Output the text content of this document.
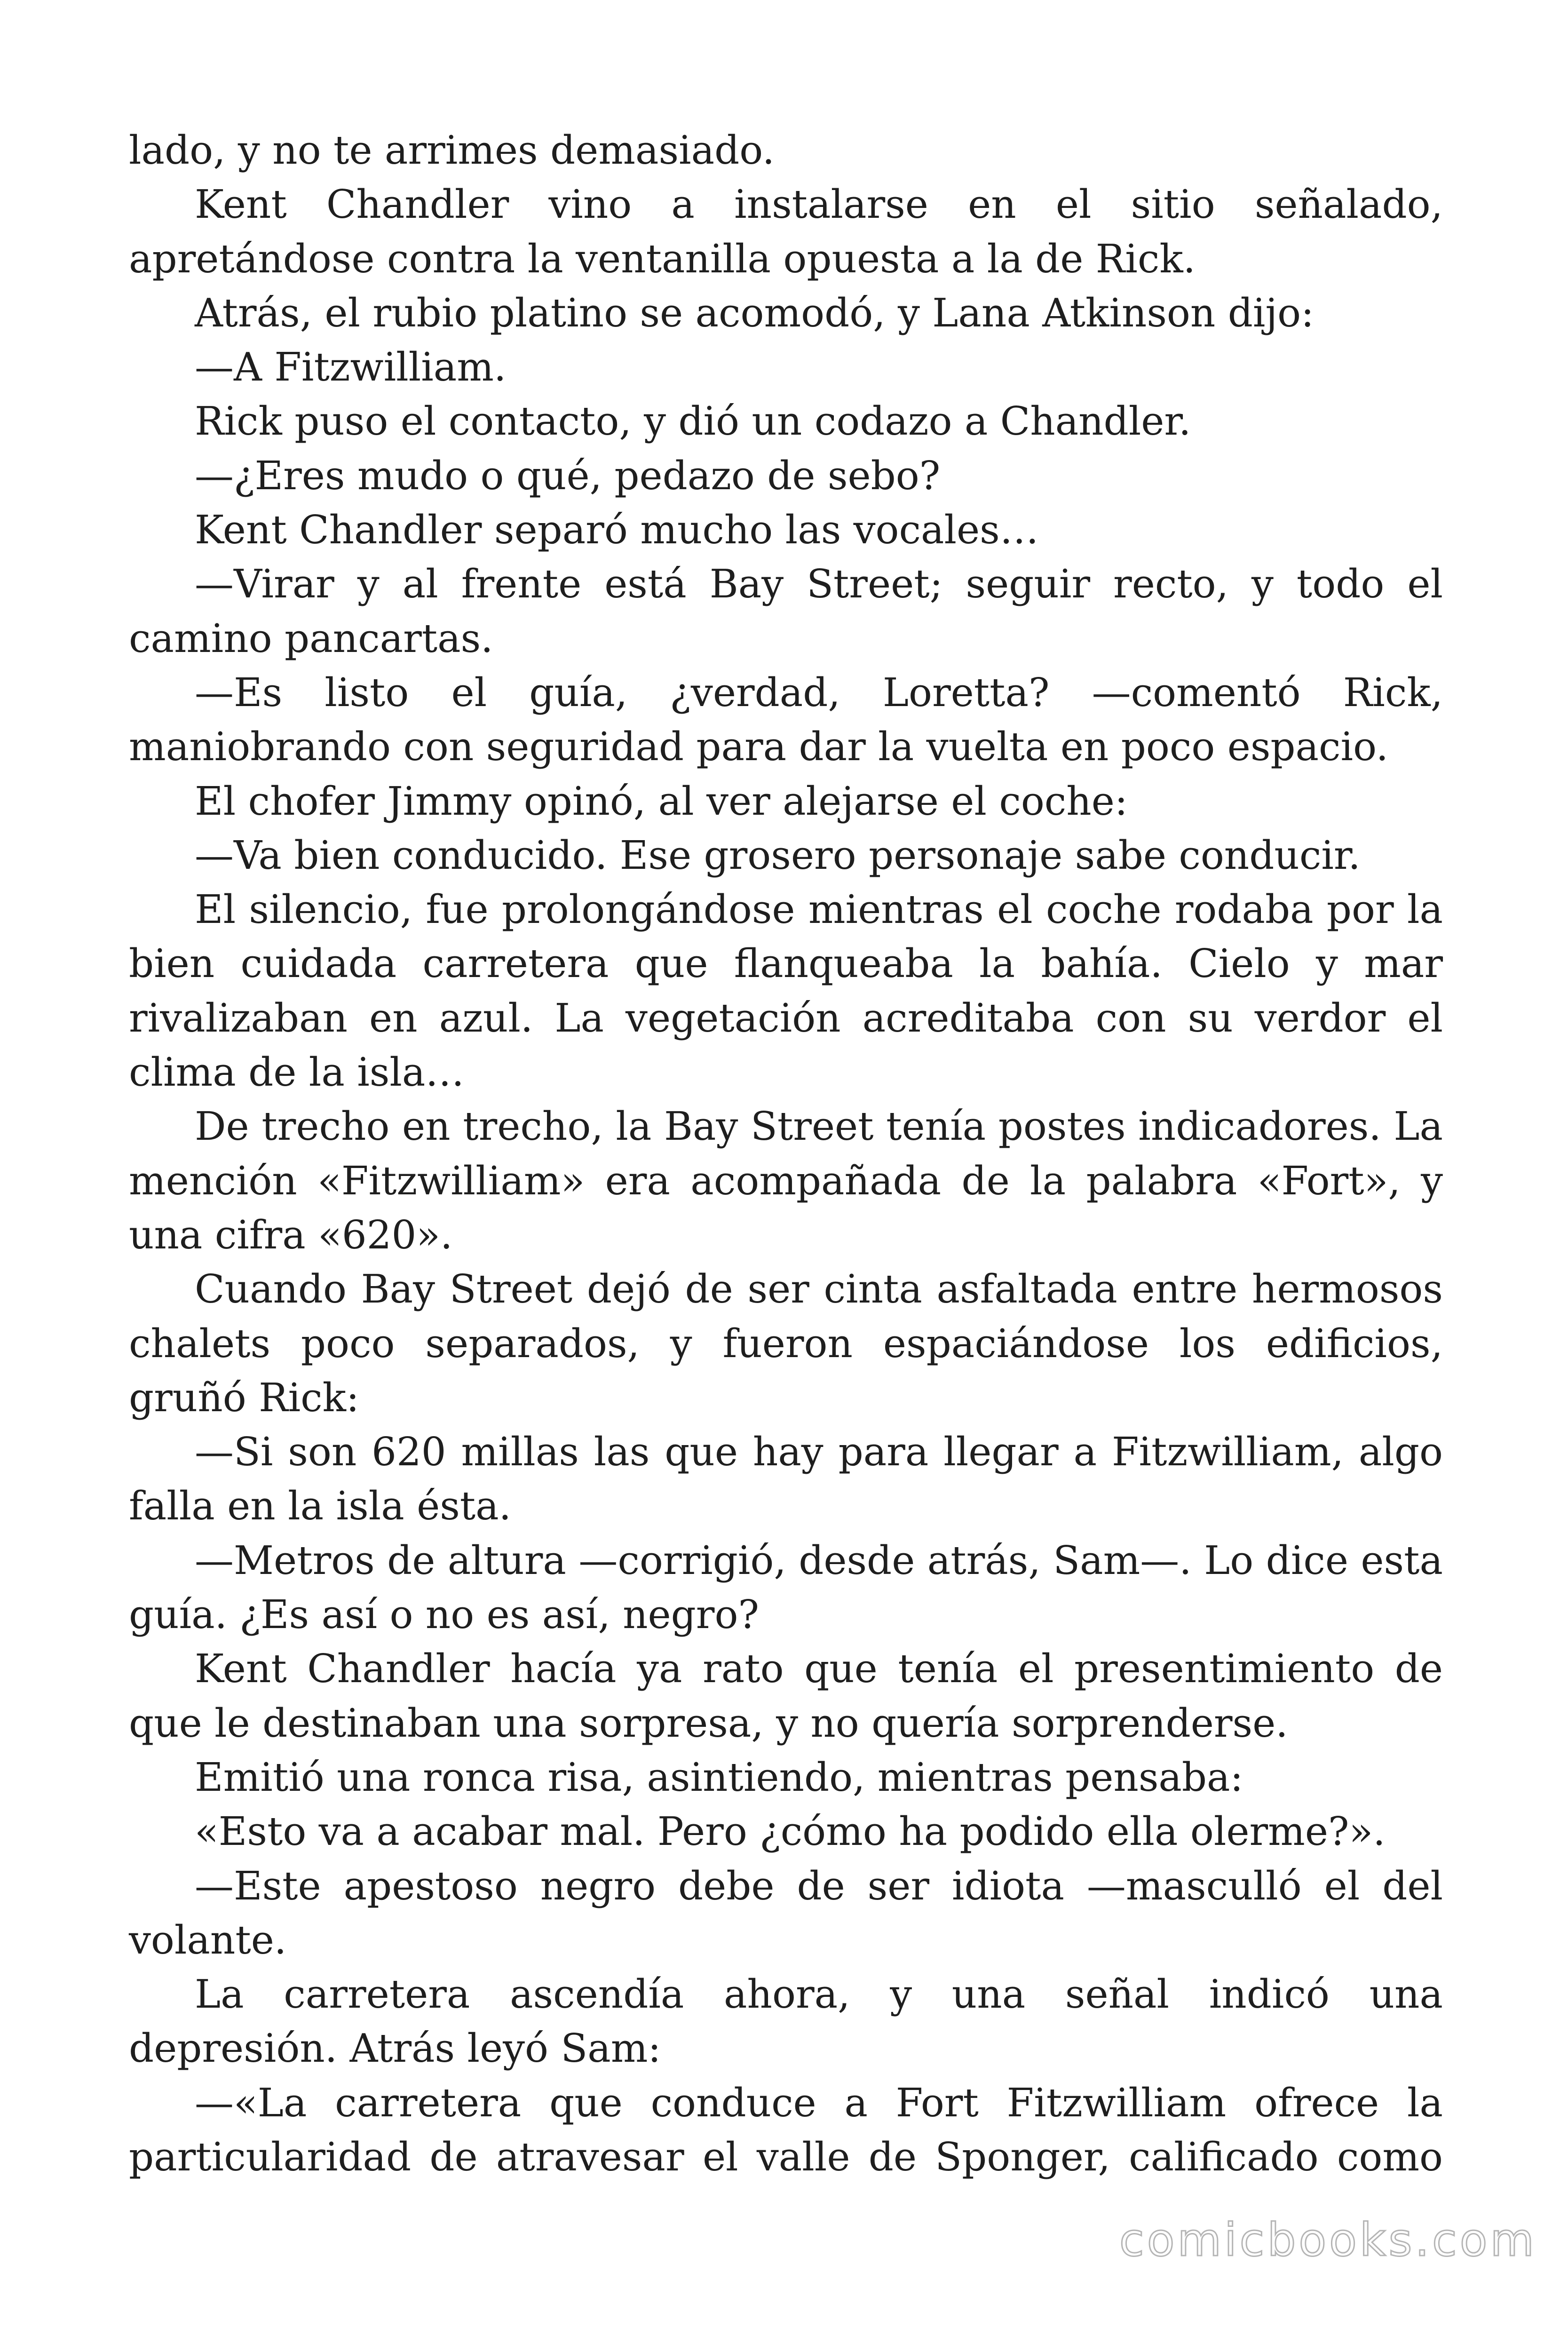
lado, y no te arrimes demasiado.

Kent Chandler vino a instalarse en el sitio señalado, apretándose contra la ventanilla opuesta a la de Rick.

Atrás, el rubio platino se acomodó, y Lana Atkinson dijo:

—A Fitzwilliam.

Rick puso el contacto, y dió un codazo a Chandler.

—¿Eres mudo o qué, pedazo de sebo?

Kent Chandler separó mucho las vocales…

—Virar y al frente está Bay Street; seguir recto, y todo el camino pancartas.

—Es listo el guía, ¿verdad, Loretta? —comentó Rick, maniobrando con seguridad para dar la vuelta en poco espacio.

El chofer Jimmy opinó, al ver alejarse el coche:

—Va bien conducido. Ese grosero personaje sabe conducir.

El silencio, fue prolongándose mientras el coche rodaba por la bien cuidada carretera que flanqueaba la bahía. Cielo y mar rivalizaban en azul. La vegetación acreditaba con su verdor el clima de la isla…

De trecho en trecho, la Bay Street tenía postes indicadores. La mención «Fitzwilliam» era acompañada de la palabra «Fort», y una cifra «620».

Cuando Bay Street dejó de ser cinta asfaltada entre hermosos chalets poco separados, y fueron espaciándose los edificios, gruñó Rick:

—Si son 620 millas las que hay para llegar a Fitzwilliam, algo falla en la isla ésta.

—Metros de altura —corrigió, desde atrás, Sam—. Lo dice esta guía. ¿Es así o no es así, negro?

Kent Chandler hacía ya rato que tenía el presentimiento de que le destinaban una sorpresa, y no quería sorprenderse.

Emitió una ronca risa, asintiendo, mientras pensaba:

«Esto va a acabar mal. Pero ¿cómo ha podido ella olerme?».

—Este apestoso negro debe de ser idiota —masculló el del volante.

La carretera ascendía ahora, y una señal indicó una depresión. Atrás leyó Sam:

—«La carretera que conduce a Fort Fitzwilliam ofrece la particularidad de atravesar el valle de Sponger, calificado como

comicbooks.com
